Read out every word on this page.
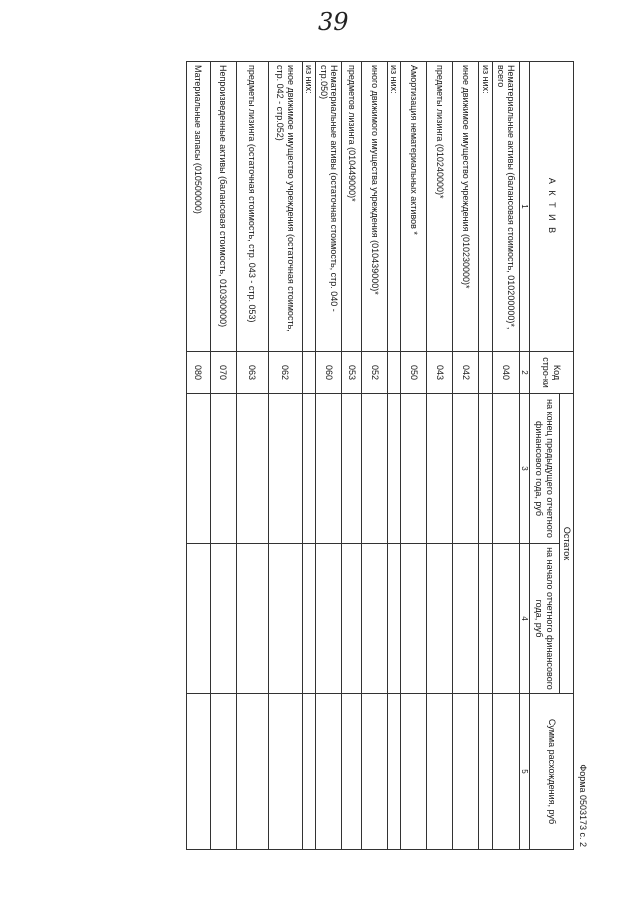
39
Форма 0503173 с. 2
А К Т И В	Код стро-ки	Остаток		Сумма расхождения, руб
		на конец предыдущего отчетного финансового года, руб	на начало отчетного финансового года, руб	
1	2	3	4	5
Нематериальные активы (балансовая стоимость, 010200000)*, всего	040			
из них:				
иное движимое имущество учреждения (010230000)*	042			
предметы лизинга (010240000)*	043			
Амортизация нематериальных активов *	050			
из них:				
иного движимого имущества учреждения (010439000)*	052			
предметов лизинга (010449000)*	053			
Нематериальные активы (остаточная стоимость, стр. 040 - стр.050)	060			
из них:				
иное движимое имущество учреждения (остаточная стоимость, стр. 042 - стр.052)	062			
предметы лизинга (остаточная стоимость, стр. 043 - стр. 053)	063			
Непроизведенные активы (балансовая стоимость, 010300000)	070			
Материальные запасы (010500000)	080			
